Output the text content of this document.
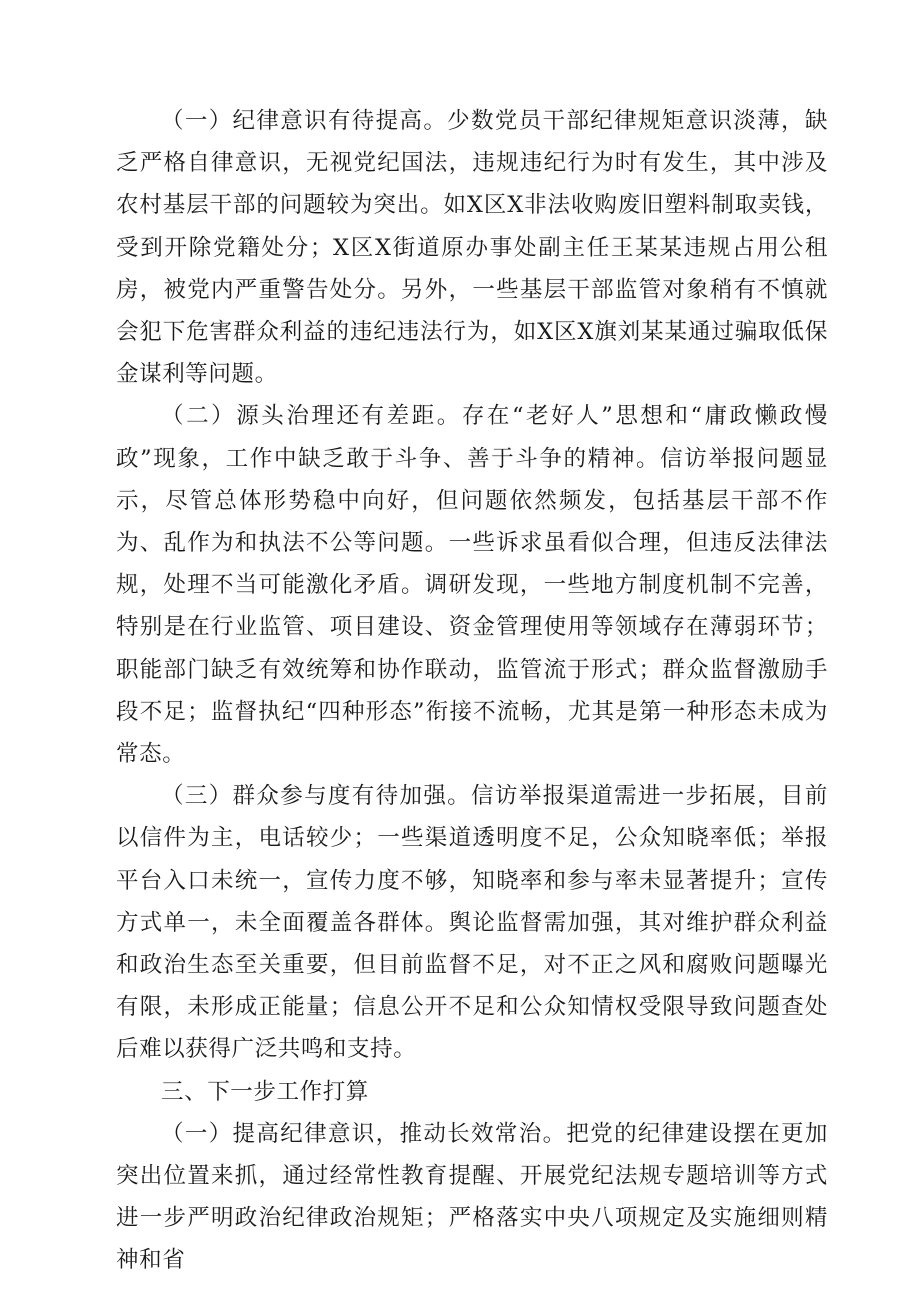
（一）纪律意识有待提高。少数党员干部纪律规矩意识淡薄，缺乏严格自律意识，无视党纪国法，违规违纪行为时有发生，其中涉及农村基层干部的问题较为突出。如X区X非法收购废旧塑料制取卖钱，受到开除党籍处分；X区X街道原办事处副主任王某某违规占用公租房，被党内严重警告处分。另外，一些基层干部监管对象稍有不慎就会犯下危害群众利益的违纪违法行为，如X区X旗刘某某通过骗取低保金谋利等问题。

（二）源头治理还有差距。存在“老好人”思想和“庸政懒政慢政”现象，工作中缺乏敢于斗争、善于斗争的精神。信访举报问题显示，尽管总体形势稳中向好，但问题依然频发，包括基层干部不作为、乱作为和执法不公等问题。一些诉求虽看似合理，但违反法律法规，处理不当可能激化矛盾。调研发现，一些地方制度机制不完善，特别是在行业监管、项目建设、资金管理使用等领域存在薄弱环节；职能部门缺乏有效统筹和协作联动，监管流于形式；群众监督激励手段不足；监督执纪“四种形态”衔接不流畅，尤其是第一种形态未成为常态。

（三）群众参与度有待加强。信访举报渠道需进一步拓展，目前以信件为主，电话较少；一些渠道透明度不足，公众知晓率低；举报平台入口未统一，宣传力度不够，知晓率和参与率未显著提升；宣传方式单一，未全面覆盖各群体。舆论监督需加强，其对维护群众利益和政治生态至关重要，但目前监督不足，对不正之风和腐败问题曝光有限，未形成正能量；信息公开不足和公众知情权受限导致问题查处后难以获得广泛共鸣和支持。

三、下一步工作打算

（一）提高纪律意识，推动长效常治。把党的纪律建设摆在更加突出位置来抓，通过经常性教育提醒、开展党纪法规专题培训等方式进一步严明政治纪律政治规矩；严格落实中央八项规定及实施细则精神和省
